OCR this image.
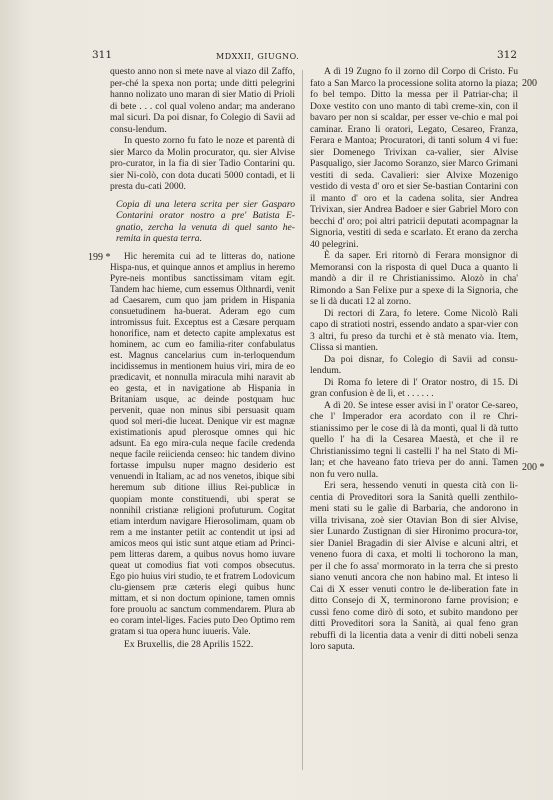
311	MDXXII, GIUGNO.	312
199 *
200
200 *

questo anno non si mete nave al viazo dil Zaffo, per-ché la spexa non porta; unde ditti pelegrini hanno nolizato uno maran di sier Matio di Prioli di bete . . . col qual voleno andar; ma anderano mal sicuri. Da poi disnar, fo Colegio di Savii ad consu-lendum.

In questo zorno fu fato le noze et parentà di sier Marco da Molin procurator, qu. sier Alvise pro-curator, in la fia di sier Tadio Contarini qu. sier Ni-colò, con dota ducati 5000 contadi, et li presta du-cati 2000.

Copia di una letera scrita per sier Gasparo Contarini orator nostro a pre' Batista E-gnatio, zercha la venuta di quel santo he-remita in questa terra.

Hic heremita cui ad te litteras do, natione Hispa-nus, et quinque annos et amplius in heremo Pyre-neis montibus sanctissimam vitam egit. Tandem hac hieme, cum essemus Olthnardi, venit ad Caesarem, cum quo jam pridem in Hispania consuetudinem ha-buerat. Aderam ego cum intromissus fuit. Exceptus est a Cæsare perquam honorifice, nam et detecto capite amplexatus est hominem, ac cum eo familia-riter confabulatus est. Magnus cancelarius cum in-terloquendum incidissemus in mentionem huius viri, mira de eo prædicavit, et nonnulla miracula mihi naravit ab eo gesta, et in navigatione ab Hispania in Britaniam usque, ac deinde postquam huc pervenit, quae non minus sibi persuasit quam quod sol meri-die luceat. Denique vir est magnæ existimationis apud plerosque omnes qui hic adsunt. Ea ego mira-cula neque facile credenda neque facile reiicienda censeo: hic tandem divino fortasse impulsu nuper magno desiderio est venuendi in Italiam, ac ad nos venetos, ibique sibi heremum sub ditione illius Rei-publicæ in quopiam monte constituendi, ubi sperat se nonnihil cristianæ religioni profuturum. Cogitat etiam interdum navigare Hierosolimam, quam ob rem a me instanter petiit ac contendit ut ipsi ad amicos meos qui istic sunt atque etiam ad Princi-pem litteras darem, a quibus novus homo iuvare queat ut comodius fiat voti compos obsecutus. Ego pio huius viri studio, te et fratrem Lodovicum clu-giensem præ cæteris elegi quibus hunc mittam, et si non doctum opinione, tamen omnis fore prouolu ac sanctum commendarem. Plura ab eo coram intel-liges. Facies puto Deo Optimo rem gratam si tua opera hunc iuueris. Vale.

Ex Bruxellis, die 28 Aprilis 1522.

A dì 19 Zugno fo il zorno dil Corpo di Cristo. Fu fato a San Marco la processione solita atorno la piaza; fo bel tempo. Ditto la messa per il Patriar-cha; il Doxe vestito con uno manto di tabì creme-xin, con il bavaro per non si scaldar, per esser ve-chio e mal poi caminar. Erano li oratori, Legato, Cesareo, Franza, Ferara e Mantoa; Procuratori, di tanti solum 4 vi fue: sier Domenego Trivixan ca-valier, sier Alvise Pasqualigo, sier Jacomo Soranzo, sier Marco Grimani vestiti di seda. Cavalieri: sier Alvixe Mozenigo vestido di vesta d' oro et sier Se-bastian Contarini con il manto d' oro et la cadena solita, sier Andrea Trivixan, sier Andrea Badoer e sier Gabriel Moro con becchi d' oro; poi altri patricii deputati acompagnar la Signoria, vestiti di seda e scarlato. Et erano da zercha 40 pelegrini.

È da saper. Eri ritornò di Ferara monsignor di Memoransi con la risposta di quel Duca a quanto li mandò a dir il re Christianissimo. Alozò in cha' Rimondo a San Felixe pur a spexe di la Signoria, che se li dà ducati 12 al zorno.

Di rectori di Zara, fo letere. Come Nicolò Rali capo di stratioti nostri, essendo andato a spar-vier con 3 altri, fu preso da turchi et è stà menato via. Item, Clissa si mantien.

Da poi disnar, fo Colegio di Savii ad consu-lendum.

Di Roma fo letere di l' Orator nostro, di 15. Di gran confusion è de lì, et . . . . . .

A dì 20. Se intese esser avisi in l' orator Ce-sareo, che l' Imperador era acordato con il re Chri-stianissimo per le cose di là da monti, qual li dà tutto quello l' ha di la Cesarea Maestà, et che il re Christianissimo tegni li castelli l' ha nel Stato di Mi-lan; et che haveano fato trieva per do anni. Tamen non fu vero nulla.

Eri sera, hessendo venuti in questa cità con li-centia di Proveditori sora la Sanità quelli zenthilo-meni stati su le galìe di Barbaria, che andorono in villa trivisana, zoè sier Otavian Bon di sier Alvise, sier Lunardo Zustignan di sier Hironimo procura-tor, sier Daniel Bragadin di sier Alvise e alcuni altri, et veneno fuora di caxa, et molti li tochorono la man, per il che fo assa' mormorato in la terra che si presto siano venuti ancora che non habino mal. Et inteso li Cai di X esser venuti contro le de-liberation fate in ditto Consejo di X, terminorono farne provision; e cussì feno come dirò di soto, et subito mandono per ditti Proveditori sora la Sanità, ai qual feno gran rebuffi di la licentia data a venir di ditti nobeli senza loro saputa.
